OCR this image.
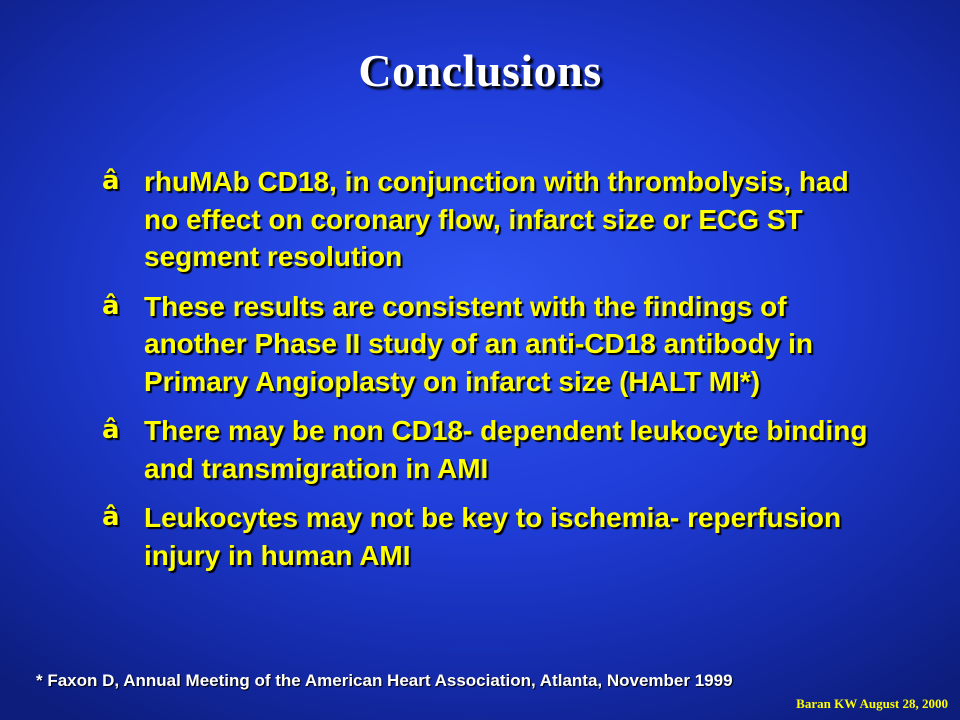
Conclusions
â rhuMAb CD18, in conjunction with thrombolysis, had no effect on coronary flow, infarct size or ECG ST segment resolution
â These results are consistent with the findings of another Phase II study of an anti-CD18 antibody in Primary Angioplasty on infarct size (HALT MI*)
â There may be non CD18- dependent leukocyte binding and transmigration in AMI
â Leukocytes may not be key to ischemia- reperfusion injury in human AMI
* Faxon D, Annual Meeting of the American Heart Association, Atlanta, November 1999
Baran KW August 28, 2000
